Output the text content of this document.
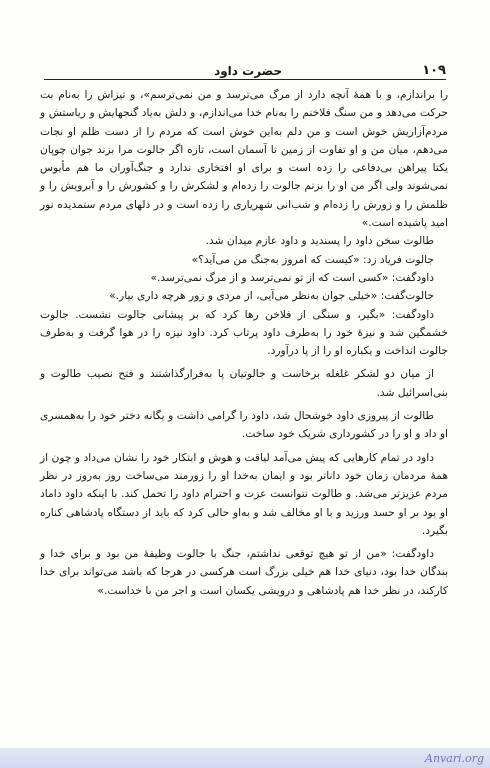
۱۰۹
حضرت داود

را براندازم، و با همهٔ آنچه دارد از مرگ می‌ترسد و من نمی‌ترسم»، و تیزاش را به‌نام بت حرکت می‌دهد و من سنگ فلاخنم را به‌نام خدا می‌اندازم، و دلش به‌یاد گنجهایش و ریاستش و مردم‌آزاریش خوش است و من دلم به‌این خوش است که مردم را از دست ظلم او نجات می‌دهم، میان من و او تفاوت از زمین تا آسمان است، تازه اگر جالوت مرا بزند جوان چوپان یکتا پیراهن بی‌دفاعی را زده است و برای او افتخاری ندارد و جنگ‌آوران ما هم مأیوس نمی‌شوند ولی اگر من او را بزنم جالوت را زده‌ام و لشکرش را و کشورش را و آبرویش را و ظلمش را و زورش را زده‌ام و شب‌انی شهریاری را زده است و در دلهای مردم ستمدیده نور امید پاشیده است.»

طالوت سخن داود را پسندید و داود عازم میدان شد.

جالوت فریاد زد: «کیست که امروز به‌جنگ من می‌آید؟»

داودگفت: «کسی است که از تو نمی‌ترسد و از مرگ نمی‌ترسد.»

جالوت‌گفت: «خیلی جوان به‌نظر می‌آیی، از مردی و زور هرچه داری بیار.»

داودگفت: «بگیر، و سنگی از فلاخن رها کرد که بر پیشانی جالوت نشست. جالوت خشمگین شد و نیزهٔ خود را به‌طرف داود پرتاب کرد. داود نیزه را در هوا گرفت و به‌طرف جالوت انداخت و یکباره او را از پا درآورد.

از میان دو لشکر غلغله برخاست و جالوتیان پا به‌فرارگذاشتند و فتح نصیب طالوت و بنی‌اسرائیل شد.

طالوت از پیروزی داود خوشحال شد، داود را گرامی داشت و یگانه دختر خود را به‌همسری او داد و او را در کشورداری شریک خود ساخت.

داود در تمام کارهایی که پیش می‌آمد لیاقت و هوش و ابتکار خود را نشان می‌داد و چون از همهٔ مردمان زمان خود داناتر بود و ایمان به‌خدا او را زورمند می‌ساخت روز به‌روز در نظر مردم عزیزتر می‌شد. و طالوت نتوانست عزت و احترام داود را تحمل کند. با اینکه داود داماد او بود بر او حسد ورزید و با او مخالف شد و به‌او حالی کرد که باید از دستگاه پادشاهی کناره بگیرد.

داودگفت: «من از تو هیچ توقعی نداشتم، جنگ با جالوت وظیفهٔ من بود و برای خدا و بندگان خدا بود، دنیای خدا هم خیلی بزرگ است هرکسی در هرجا که باشد می‌تواند برای خدا کارکند، در نظر خدا هم پادشاهی و درویشی یکسان است و اجر من با خداست.»

Anvari.org
